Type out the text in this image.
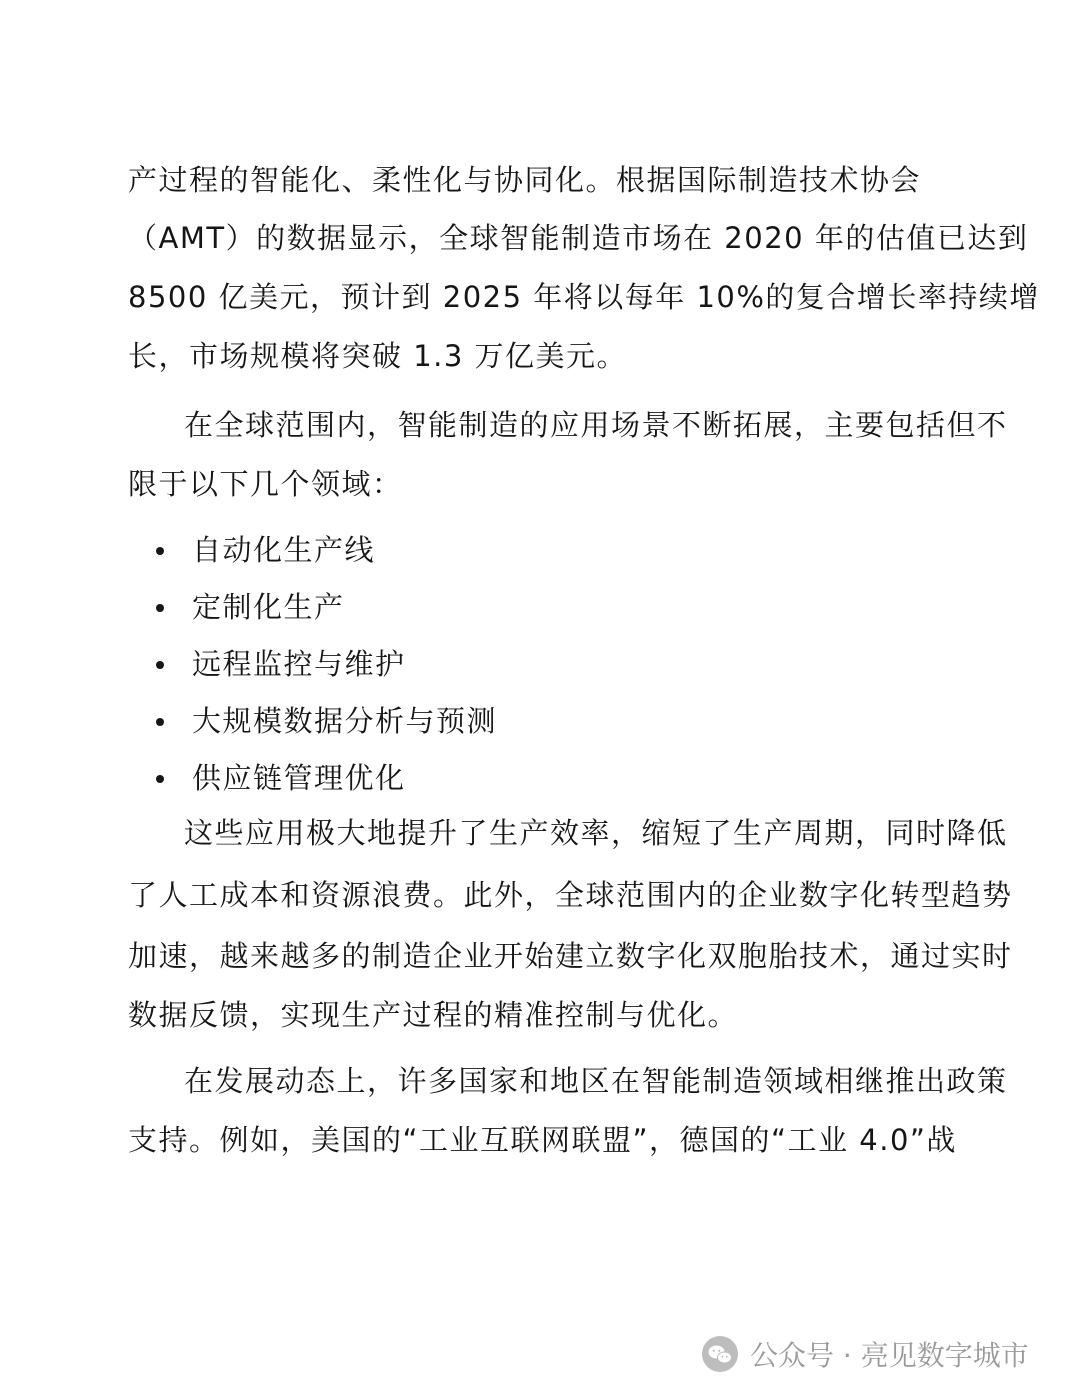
产过程的智能化、柔性化与协同化。根据国际制造技术协会
（AMT）的数据显示，全球智能制造市场在 2020 年的估值已达到
8500 亿美元，预计到 2025 年将以每年 10%的复合增长率持续增
长，市场规模将突破 1.3 万亿美元。
在全球范围内，智能制造的应用场景不断拓展，主要包括但不
限于以下几个领域：
自动化生产线
定制化生产
远程监控与维护
大规模数据分析与预测
供应链管理优化
这些应用极大地提升了生产效率，缩短了生产周期，同时降低
了人工成本和资源浪费。此外，全球范围内的企业数字化转型趋势
加速，越来越多的制造企业开始建立数字化双胞胎技术，通过实时
数据反馈，实现生产过程的精准控制与优化。
在发展动态上，许多国家和地区在智能制造领域相继推出政策
支持。例如，美国的“工业互联网联盟”，德国的“工业 4.0”战
公众号 · 亮见数字城市
